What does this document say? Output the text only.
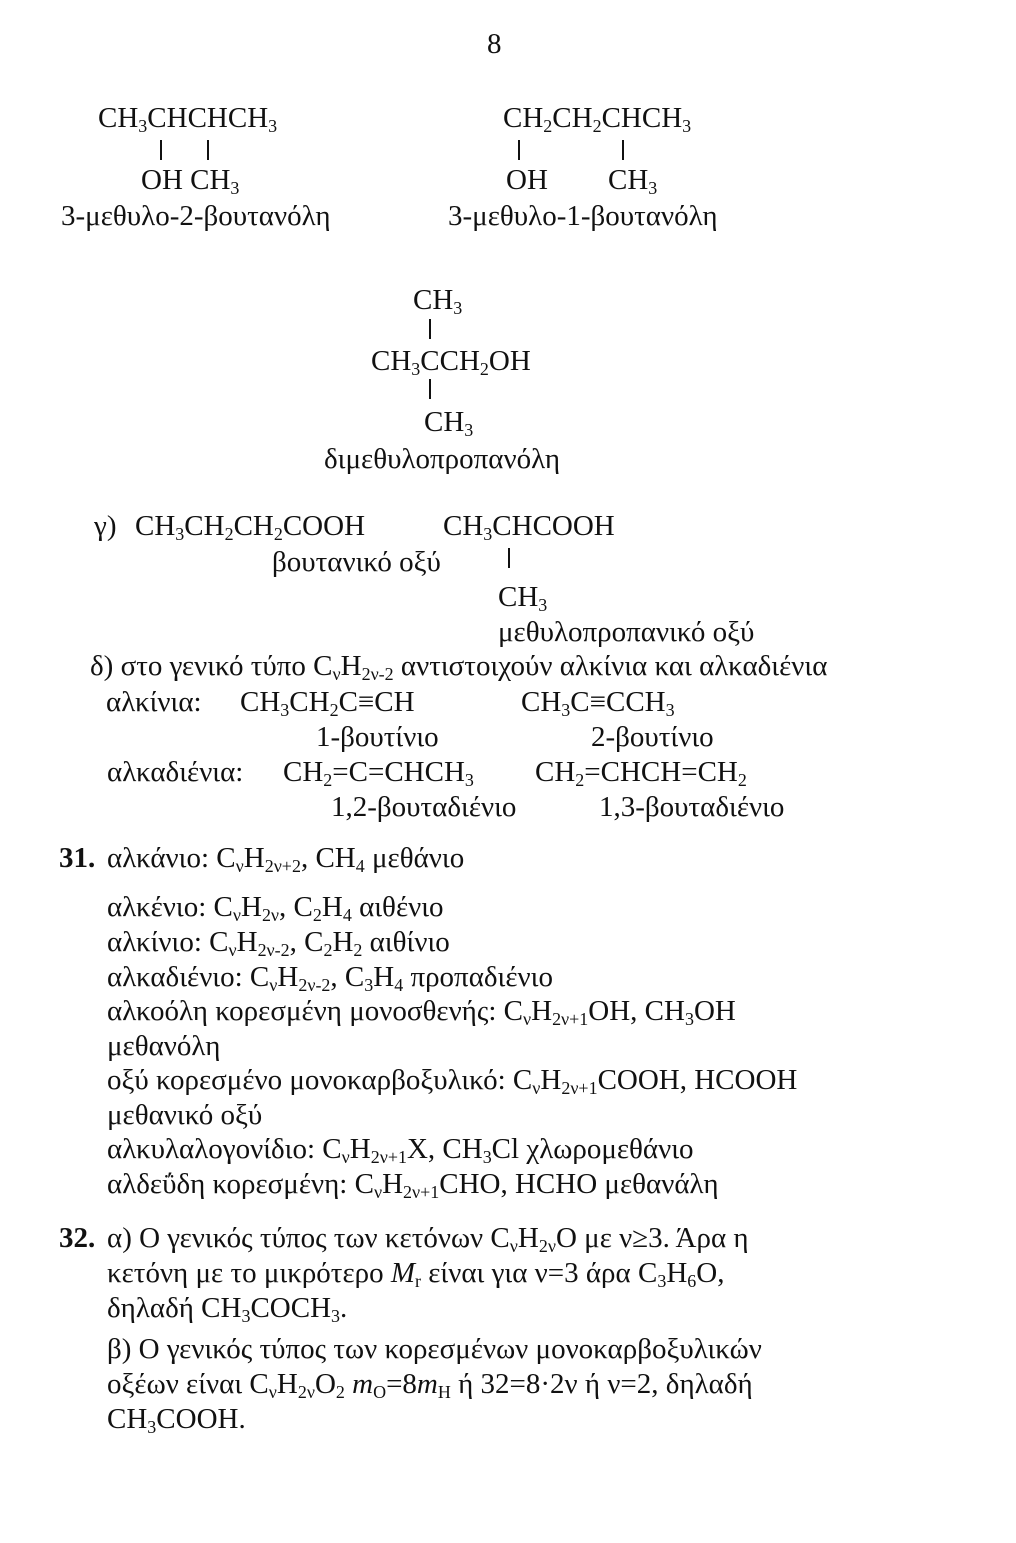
8
$CH_3CHCHCH_3$
OH $CH_3$
3-μεθυλο-2-βουτανόλη
$CH_2CH_2CHCH_3$
OH $CH_3$
3-μεθυλο-1-βουτανόλη
$CH_3$
$CH_3CCH_2OH$
$CH_3$
διμεθυλοπροπανόλη
γ) $CH_3CH_2CH_2COOH$	$CH_3CHCOOH$
βουτανικό οξύ
$CH_3$
μεθυλοπροπανικό οξύ
δ) στο γενικό τύπο $C_\nu H_{2\nu-2}$ αντιστοιχούν αλκίνια και αλκαδιένια
αλκίνια: $CH_3CH_2C\equiv CH$	$CH_3C\equiv CCH_3$
1-βουτίνιο	2-βουτίνιο
αλκαδιένια: $CH_2=C=CHCH_3$ $CH_2=CHCH=CH_2$
1,2-βουταδιένιο	1,3-βουταδιένιο
31. αλκάνιο: $C_\nu H_{2\nu+2}$, $CH_4$ μεθάνιο
αλκένιο: $C_\nu H_{2\nu}$, $C_2H_4$ αιθένιο
αλκίνιο: $C_\nu H_{2\nu-2}$, $C_2H_2$ αιθίνιο
αλκαδιένιο: $C_\nu H_{2\nu-2}$, $C_3H_4$ προπαδιένιο
αλκοόλη κορεσμένη μονοσθενής: $C_\nu H_{2\nu+1}OH$, $CH_3OH$
μεθανόλη
οξύ κορεσμένο μονοκαρβοξυλικό: $C_\nu H_{2\nu+1}COOH$, HCOOH
μεθανικό οξύ
αλκυλαλογονίδιο: $C_\nu H_{2\nu+1}X$, $CH_3Cl$ χλωρομεθάνιο
αλδεΰδη κορεσμένη: $C_\nu H_{2\nu+1}CHO$, HCHO μεθανάλη
32. α) Ο γενικός τύπος των κετόνων $C_\nu H_{2\nu}O$ με ν≥3. Άρα η
κετόνη με το μικρότερο $M_r$ είναι για ν=3 άρα $C_3H_6O$,
δηλαδή $CH_3COCH_3$.
β) Ο γενικός τύπος των κορεσμένων μονοκαρβοξυλικών
οξέων είναι $C_\nu H_{2\nu}O_2$ $m_O=8m_H$ ή 32=8·2ν ή ν=2, δηλαδή
$CH_3COOH$.
